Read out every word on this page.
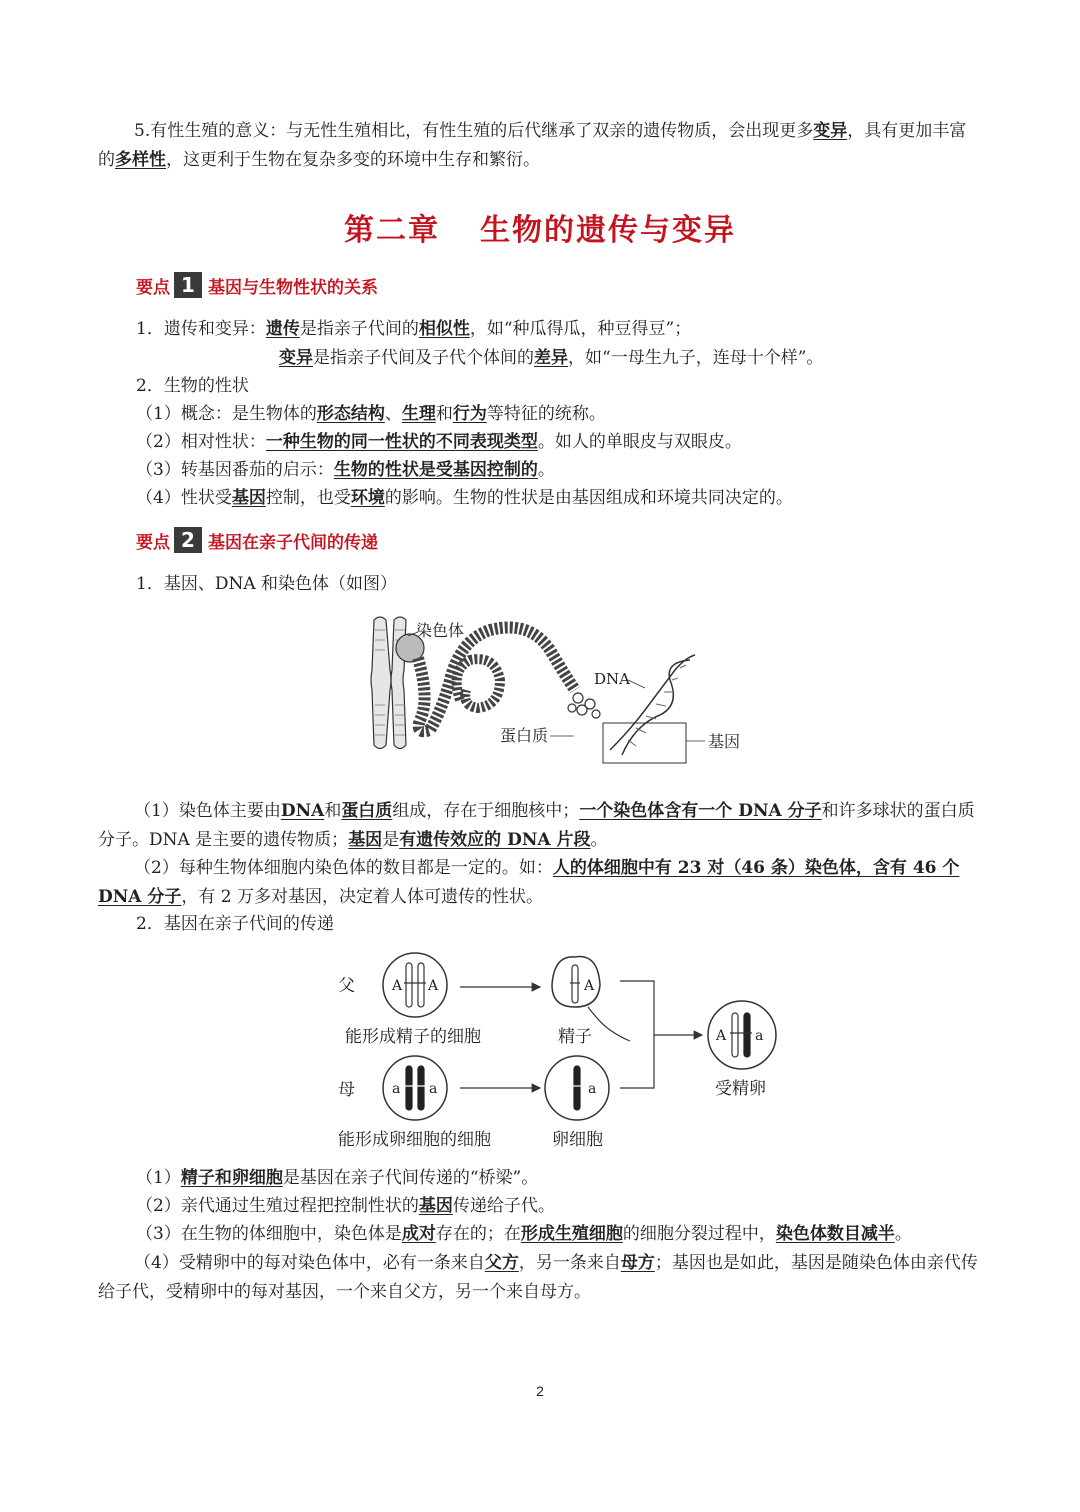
5.有性生殖的意义：与无性生殖相比，有性生殖的后代继承了双亲的遗传物质，会出现更多变异，具有更加丰富的多样性，这更利于生物在复杂多变的环境中生存和繁衍。

第二章 生物的遗传与变异
要点 1 基因与生物性状的关系

1．遗传和变异：遗传是指亲子代间的相似性，如“种瓜得瓜，种豆得豆”；

变异是指亲子代间及子代个体间的差异，如“一母生九子，连母十个样”。

2．生物的性状

（1）概念：是生物体的形态结构、生理和行为等特征的统称。

（2）相对性状：一种生物的同一性状的不同表现类型。如人的单眼皮与双眼皮。

（3）转基因番茄的启示：生物的性状是受基因控制的。

（4）性状受基因控制，也受环境的影响。生物的性状是由基因组成和环境共同决定的。

要点 2 基因在亲子代间的传递

1．基因、DNA 和染色体（如图）

染色体
DNA
蛋白质	基因

（1）染色体主要由DNA和蛋白质组成，存在于细胞核中；一个染色体含有一个 DNA 分子和许多球状的蛋白质分子。DNA 是主要的遗传物质；基因是有遗传效应的 DNA 片段。

（2）每种生物体细胞内染色体的数目都是一定的。如：人的体细胞中有 23 对（46 条）染色体，含有 46 个 DNA 分子，有 2 万多对基因，决定着人体可遗传的性状。

2．基因在亲子代间的传递

父
母
A A
能形成精子的细胞
A
精子
a a
能形成卵细胞的细胞
a
卵细胞
A a
受精卵

（1）精子和卵细胞是基因在亲子代间传递的“桥梁”。

（2）亲代通过生殖过程把控制性状的基因传递给子代。

（3）在生物的体细胞中，染色体是成对存在的；在形成生殖细胞的细胞分裂过程中，染色体数目减半。

（4）受精卵中的每对染色体中，必有一条来自父方，另一条来自母方；基因也是如此，基因是随染色体由亲代传给子代，受精卵中的每对基因，一个来自父方，另一个来自母方。

2
